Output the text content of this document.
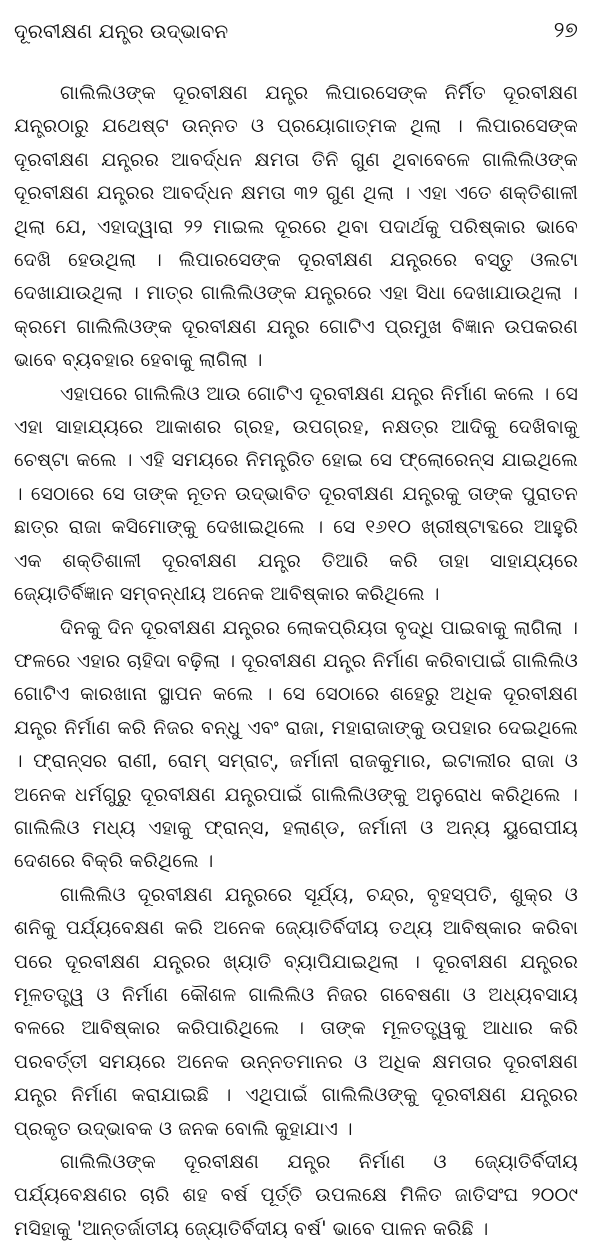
ଦୂରବୀକ୍ଷଣ ଯନ୍ତ୍ର ଉଦ୍ଭାବନ	୨୭

ଗାଲିଲିଓଙ୍କ ଦୂରବୀକ୍ଷଣ ଯନ୍ତ୍ର ଲିପାରସେଙ୍କ ନିର୍ମିତ ଦୂରବୀକ୍ଷଣ ଯନ୍ତ୍ରଠାରୁ ଯଥେଷ୍ଟ ଉନ୍ନତ ଓ ପ୍ରୟୋଗାତ୍ମକ ଥିଲା । ଲିପାରସେଙ୍କ ଦୂରବୀକ୍ଷଣ ଯନ୍ତ୍ରର ଆବର୍ଦ୍ଧନ କ୍ଷମତା ତିନି ଗୁଣ ଥିବାବେଳେ ଗାଲିଲିଓଙ୍କ ଦୂରବୀକ୍ଷଣ ଯନ୍ତ୍ରର ଆବର୍ଦ୍ଧନ କ୍ଷମତା ୩୨ ଗୁଣ ଥିଲା । ଏହା ଏତେ ଶକ୍ତିଶାଳୀ ଥିଲା ଯେ, ଏହାଦ୍ୱାରା ୨୨ ମାଇଲ ଦୂରରେ ଥିବା ପଦାର୍ଥକୁ ପରିଷ୍କାର ଭାବେ ଦେଖି ହେଉଥିଲା । ଲିପାରସେଙ୍କ ଦୂରବୀକ୍ଷଣ ଯନ୍ତ୍ରରେ ବସ୍ତୁ ଓଲଟା ଦେଖାଯାଉଥିଲା । ମାତ୍ର ଗାଲିଲିଓଙ୍କ ଯନ୍ତ୍ରରେ ଏହା ସିଧା ଦେଖାଯାଉଥିଲା । କ୍ରମେ ଗାଲିଲିଓଙ୍କ ଦୂରବୀକ୍ଷଣ ଯନ୍ତ୍ର ଗୋଟିଏ ପ୍ରମୁଖ ବିଜ୍ଞାନ ଉପକରଣ ଭାବେ ବ୍ୟବହାର ହେବାକୁ ଲାଗିଲା ।

ଏହାପରେ ଗାଲିଲିଓ ଆଉ ଗୋଟିଏ ଦୂରବୀକ୍ଷଣ ଯନ୍ତ୍ର ନିର୍ମାଣ କଲେ । ସେ ଏହା ସାହାଯ୍ୟରେ ଆକାଶର ଗ୍ରହ, ଉପଗ୍ରହ, ନକ୍ଷତ୍ର ଆଦିକୁ ଦେଖିବାକୁ ଚେଷ୍ଟା କଲେ । ଏହି ସମୟରେ ନିମନ୍ତ୍ରିତ ହୋଇ ସେ ଫ୍ଲୋରେନ୍ସ ଯାଇଥିଲେ । ସେଠାରେ ସେ ତାଙ୍କ ନୂତନ ଉଦ୍ଭାବିତ ଦୂରବୀକ୍ଷଣ ଯନ୍ତ୍ରକୁ ତାଙ୍କ ପୁରାତନ ଛାତ୍ର ରାଜା କସିମୋଙ୍କୁ ଦେଖାଇଥିଲେ । ସେ ୧୬୧୦ ଖ୍ରୀଷ୍ଟାବ୍ଦରେ ଆହୁରି ଏକ ଶକ୍ତିଶାଳୀ ଦୂରବୀକ୍ଷଣ ଯନ୍ତ୍ର ତିଆରି କରି ତାହା ସାହାଯ୍ୟରେ ଜ୍ୟୋତିର୍ବିଜ୍ଞାନ ସମ୍ବନ୍ଧୀୟ ଅନେକ ଆବିଷ୍କାର କରିଥିଲେ ।

ଦିନକୁ ଦିନ ଦୂରବୀକ୍ଷଣ ଯନ୍ତ୍ରର ଲୋକପ୍ରିୟତା ବୃଦ୍ଧି ପାଇବାକୁ ଲାଗିଲା । ଫଳରେ ଏହାର ଚାହିଦା ବଢ଼ିଲା । ଦୂରବୀକ୍ଷଣ ଯନ୍ତ୍ର ନିର୍ମାଣ କରିବାପାଇଁ ଗାଲିଲିଓ ଗୋଟିଏ କାରଖାନା ସ୍ଥାପନ କଲେ । ସେ ସେଠାରେ ଶହେରୁ ଅଧିକ ଦୂରବୀକ୍ଷଣ ଯନ୍ତ୍ର ନିର୍ମାଣ କରି ନିଜର ବନ୍ଧୁ ଏବଂ ରାଜା, ମହାରାଜାଙ୍କୁ ଉପହାର ଦେଇଥିଲେ । ଫ୍ରାନ୍ସର ରାଣୀ, ରୋମ୍ ସମ୍ରାଟ୍, ଜର୍ମାନୀ ରାଜକୁମାର, ଇଟାଲୀର ରାଜା ଓ ଅନେକ ଧର୍ମଗୁରୁ ଦୂରବୀକ୍ଷଣ ଯନ୍ତ୍ରପାଇଁ ଗାଲିଲିଓଙ୍କୁ ଅନୁରୋଧ କରିଥିଲେ । ଗାଲିଲିଓ ମଧ୍ୟ ଏହାକୁ ଫ୍ରାନ୍ସ, ହଲାଣ୍ଡ, ଜର୍ମାନୀ ଓ ଅନ୍ୟ ୟୁରୋପୀୟ ଦେଶରେ ବିକ୍ରି କରିଥିଲେ ।

ଗାଲିଲିଓ ଦୂରବୀକ୍ଷଣ ଯନ୍ତ୍ରରେ ସୂର୍ଯ୍ୟ, ଚନ୍ଦ୍ର, ବୃହସ୍ପତି, ଶୁକ୍ର ଓ ଶନିକୁ ପର୍ଯ୍ୟବେକ୍ଷଣ କରି ଅନେକ ଜ୍ୟୋତିର୍ବିଦୀୟ ତଥ୍ୟ ଆବିଷ୍କାର କରିବା ପରେ ଦୂରବୀକ୍ଷଣ ଯନ୍ତ୍ରର ଖ୍ୟାତି ବ୍ୟାପିଯାଇଥିଲା । ଦୂରବୀକ୍ଷଣ ଯନ୍ତ୍ରର ମୂଳତତ୍ତ୍ୱ ଓ ନିର୍ମାଣ କୌଶଳ ଗାଲିଲିଓ ନିଜର ଗବେଷଣା ଓ ଅଧ୍ୟବସାୟ ବଳରେ ଆବିଷ୍କାର କରିପାରିଥିଲେ । ତାଙ୍କ ମୂଳତତ୍ତ୍ୱକୁ ଆଧାର କରି ପରବର୍ତ୍ତୀ ସମୟରେ ଅନେକ ଉନ୍ନତମାନର ଓ ଅଧିକ କ୍ଷମତାର ଦୂରବୀକ୍ଷଣ ଯନ୍ତ୍ର ନିର୍ମାଣ କରାଯାଇଛି । ଏଥିପାଇଁ ଗାଲିଲିଓଙ୍କୁ ଦୂରବୀକ୍ଷଣ ଯନ୍ତ୍ରର ପ୍ରକୃତ ଉଦ୍ଭାବକ ଓ ଜନକ ବୋଲି କୁହାଯାଏ ।

ଗାଲିଲିଓଙ୍କ ଦୂରବୀକ୍ଷଣ ଯନ୍ତ୍ର ନିର୍ମାଣ ଓ ଜ୍ୟୋତିର୍ବିଦୀୟ ପର୍ଯ୍ୟବେକ୍ଷଣର ଚାରି ଶହ ବର୍ଷ ପୂର୍ତ୍ତି ଉପଲକ୍ଷେ ମିଳିତ ଜାତିସଂଘ ୨୦୦୯ ମସିହାକୁ 'ଆନ୍ତର୍ଜାତୀୟ ଜ୍ୟୋତିର୍ବିଦୀୟ ବର୍ଷ' ଭାବେ ପାଳନ କରିଛି ।
